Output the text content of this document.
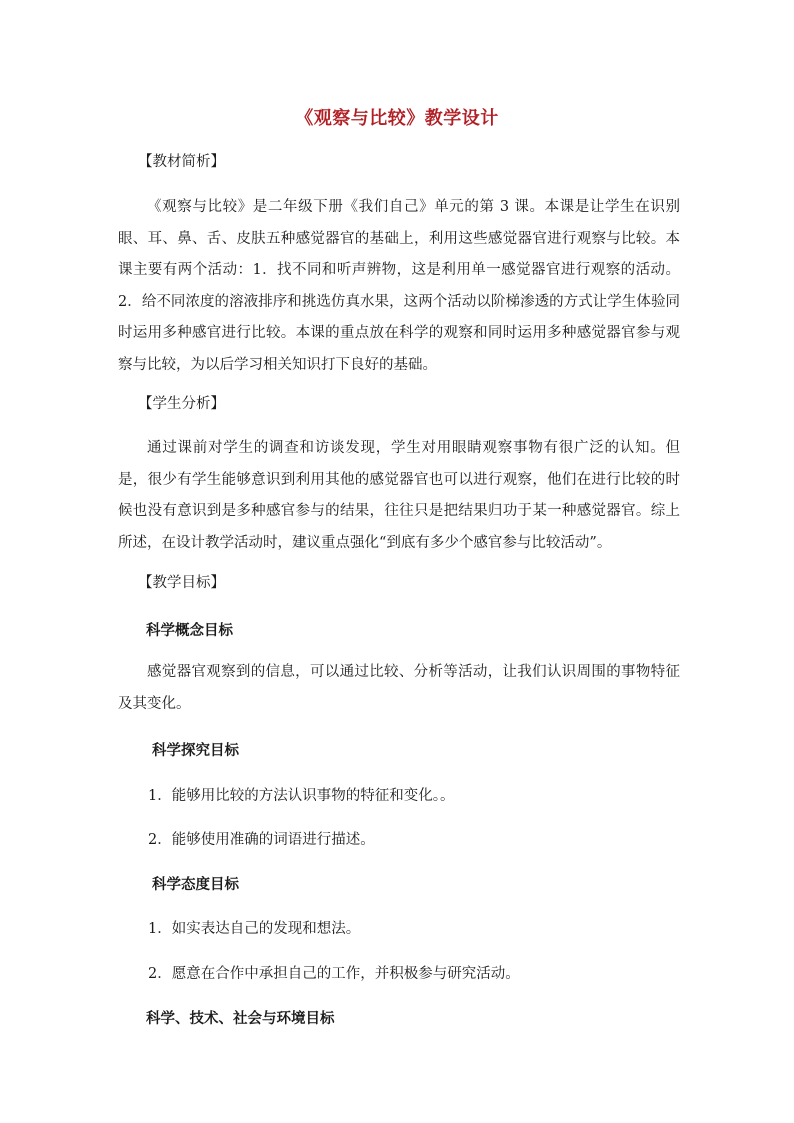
《观察与比较》教学设计
【教材简析】
《观察与比较》是二年级下册《我们自己》单元的第 3 课。本课是让学生在识别眼、耳、鼻、舌、皮肤五种感觉器官的基础上，利用这些感觉器官进行观察与比较。本课主要有两个活动：1．找不同和听声辨物，这是利用单一感觉器官进行观察的活动。2．给不同浓度的溶液排序和挑选仿真水果，这两个活动以阶梯渗透的方式让学生体验同时运用多种感官进行比较。本课的重点放在科学的观察和同时运用多种感觉器官参与观察与比较，为以后学习相关知识打下良好的基础。
【学生分析】
通过课前对学生的调查和访谈发现，学生对用眼睛观察事物有很广泛的认知。但是，很少有学生能够意识到利用其他的感觉器官也可以进行观察，他们在进行比较的时候也没有意识到是多种感官参与的结果，往往只是把结果归功于某一种感觉器官。综上所述，在设计教学活动时，建议重点强化“到底有多少个感官参与比较活动”。
【教学目标】
科学概念目标
感觉器官观察到的信息，可以通过比较、分析等活动，让我们认识周围的事物特征及其变化。
科学探究目标
1．能够用比较的方法认识事物的特征和变化。。
2．能够使用准确的词语进行描述。
科学态度目标
1．如实表达自己的发现和想法。
2．愿意在合作中承担自己的工作，并积极参与研究活动。
科学、技术、社会与环境目标
